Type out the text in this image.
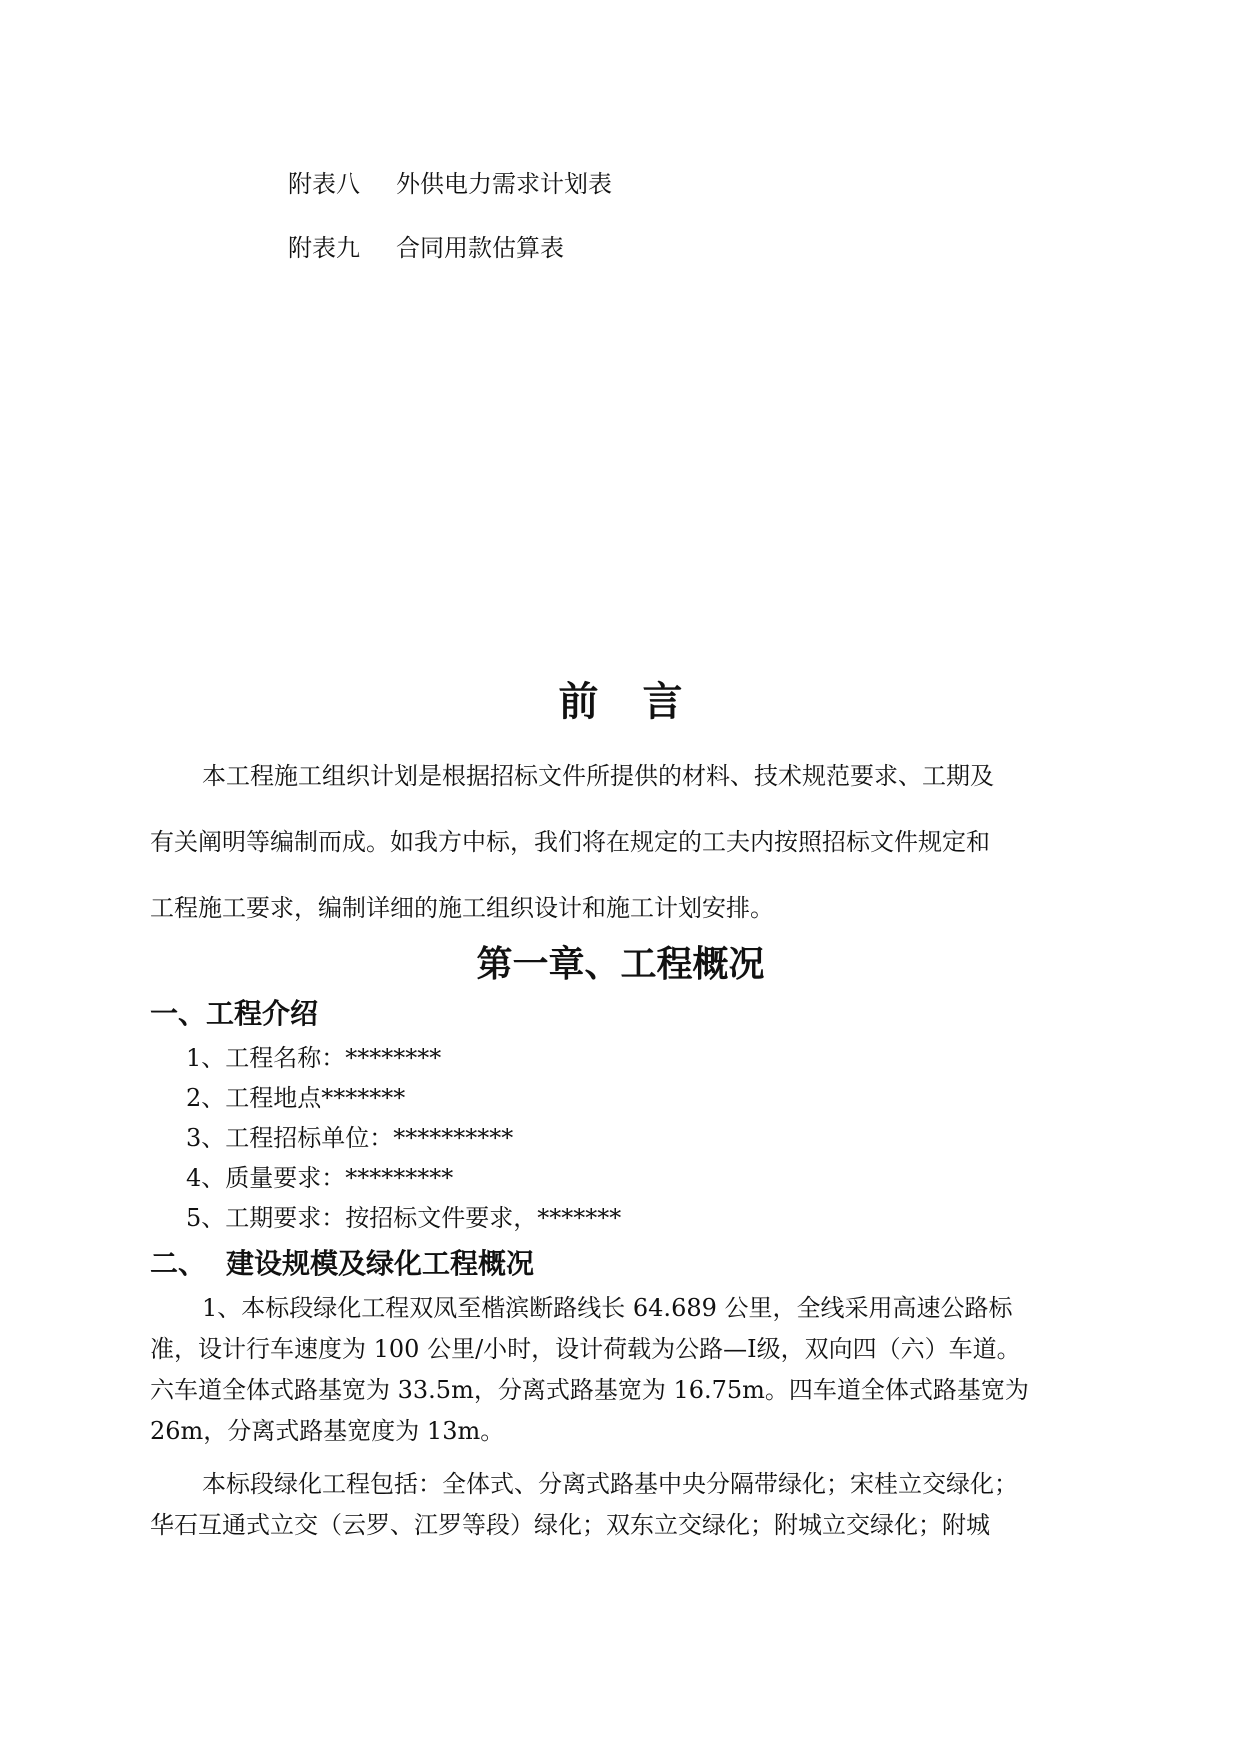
附表八 外供电力需求计划表
附表九 合同用款估算表
前言
本工程施工组织计划是根据招标文件所提供的材料、技术规范要求、工期及
有关阐明等编制而成。如我方中标，我们将在规定的工夫内按照招标文件规定和
工程施工要求，编制详细的施工组织设计和施工计划安排。
第一章、工程概况
一、工程介绍
1、工程名称：********
2、工程地点*******
3、工程招标单位：**********
4、质量要求：*********
5、工期要求：按招标文件要求，*******
二、 建设规模及绿化工程概况
1、本标段绿化工程双凤至楷滨断路线长 64.689 公里，全线采用高速公路标
准，设计行车速度为 100 公里/小时，设计荷载为公路—Ⅰ级，双向四（六）车道。
六车道全体式路基宽为 33.5m，分离式路基宽为 16.75m。四车道全体式路基宽为
26m，分离式路基宽度为 13m。
本标段绿化工程包括：全体式、分离式路基中央分隔带绿化；宋桂立交绿化；
华石互通式立交（云罗、江罗等段）绿化；双东立交绿化；附城立交绿化；附城
